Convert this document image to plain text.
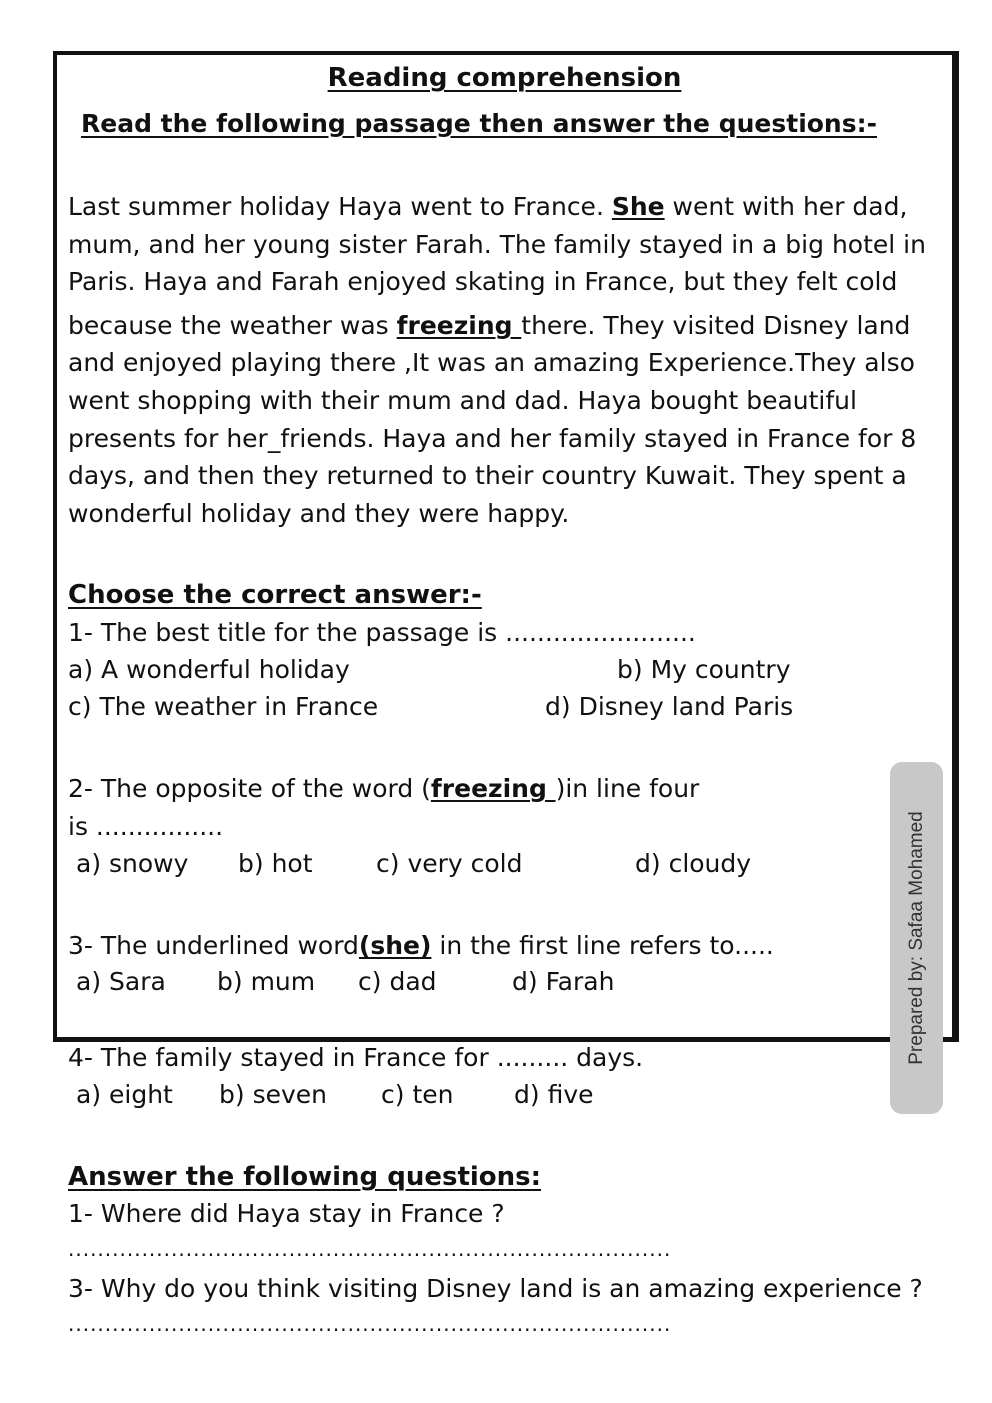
Reading comprehension
Read the following passage then answer the questions:-
Last summer holiday Haya went to France. She went with her dad,
mum, and her young sister Farah. The family stayed in a big hotel in
Paris. Haya and Farah enjoyed skating in France, but they felt cold
because the weather was freezing there. They visited Disney land
and enjoyed playing there ,It was an amazing Experience.They also
went shopping with their mum and dad. Haya bought beautiful
presents for her_friends. Haya and her family stayed in France for 8
days, and then they returned to their country Kuwait. They spent a
wonderful holiday and they were happy.
Choose the correct answer:-
1- The best title for the passage is ........................
a) A wonderful holiday	b) My country
c) The weather in France	d) Disney land Paris
2- The opposite of the word (freezing )in line four
is ................
a) snowy b) hot	c) very cold	d) cloudy
3- The underlined word(she) in the first line refers to.....
a) Sara b) mum c) dad	d) Farah
4- The family stayed in France for ......... days.
a) eight b) seven c) ten d) five
Answer the following questions:
1- Where did Haya stay in France ?
..................................................................................
3- Why do you think visiting Disney land is an amazing experience ?
..................................................................................
Prepared by: Safaa Mohamed
